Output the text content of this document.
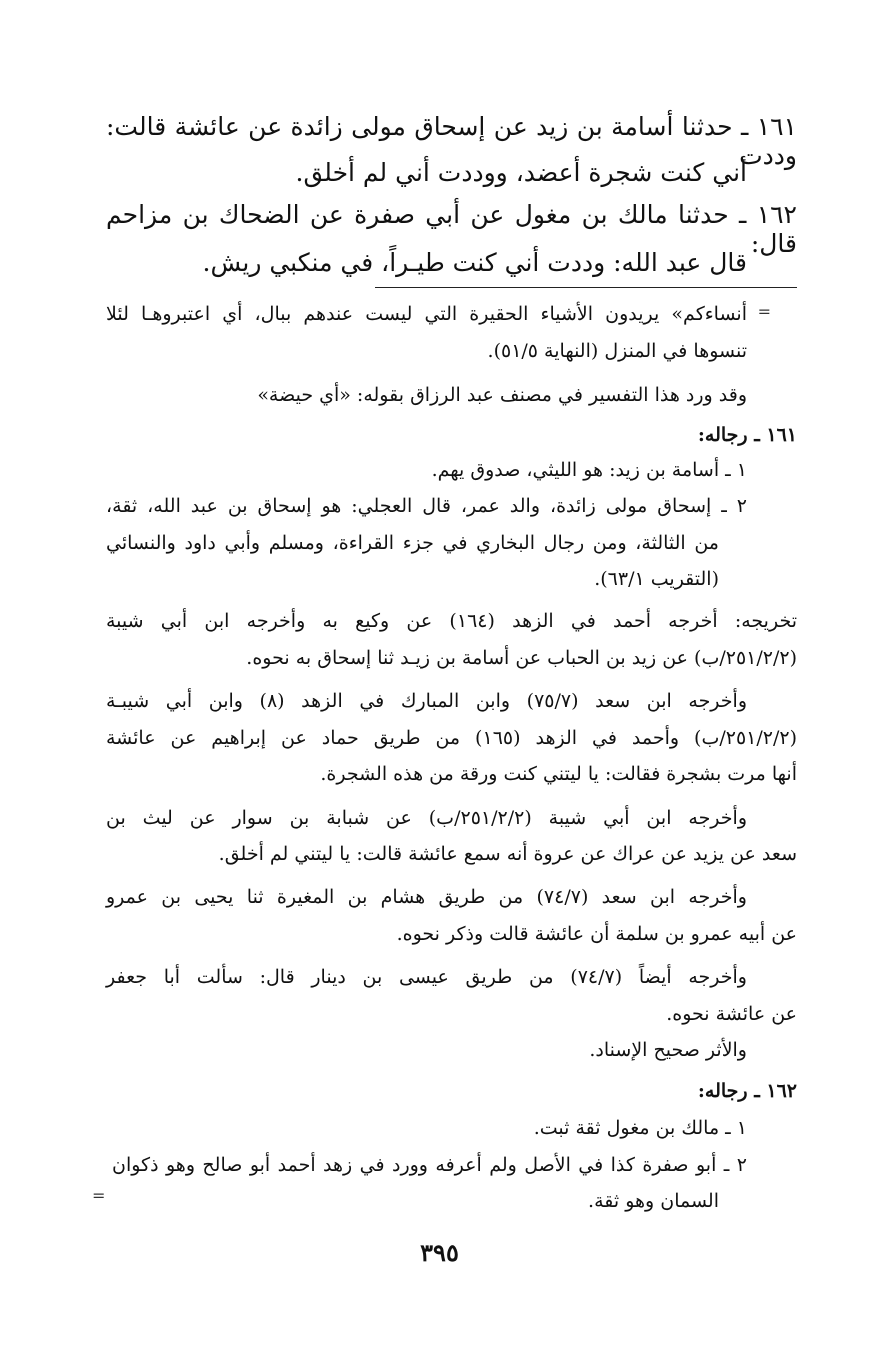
١٦١ ـ حدثنا أسامة بن زيد عن إسحاق مولى زائدة عن عائشة قالت: وددت
أني كنت شجرة أعضد، ووددت أني لم أخلق.
١٦٢ ـ حدثنا مالك بن مغول عن أبي صفرة عن الضحاك بن مزاحم قال:
قال عبد الله: وددت أني كنت طيـراً، في منكبي ريش.
=
أنساءكم» يريدون الأشياء الحقيرة التي ليست عندهم ببال، أي اعتبروهـا لئلا
تنسوها في المنزل (النهاية ٥١/٥).
وقد ورد هذا التفسير في مصنف عبد الرزاق بقوله: «أي حيضة»
١٦١ ـ رجاله:
١ ـ أسامة بن زيد: هو الليثي، صدوق يهم.
٢ ـ إسحاق مولى زائدة، والد عمر، قال العجلي: هو إسحاق بن عبد الله، ثقة،
من الثالثة، ومن رجال البخاري في جزء القراءة، ومسلم وأبي داود والنسائي
(التقريب ٦٣/١).
تخريجه: أخرجه أحمد في الزهد (١٦٤) عن وكيع به وأخرجه ابن أبي شيبة
(٢٥١/٢/٢/ب) عن زيد بن الحباب عن أسامة بن زيـد ثنا إسحاق به نحوه.
وأخرجه ابن سعد (٧٥/٧) وابن المبارك في الزهد (٨) وابن أبي شيبـة
(٢٥١/٢/٢/ب) وأحمد في الزهد (١٦٥) من طريق حماد عن إبراهيم عن عائشة
أنها مرت بشجرة فقالت: يا ليتني كنت ورقة من هذه الشجرة.
وأخرجه ابن أبي شيبة (٢٥١/٢/٢/ب) عن شبابة بن سوار عن ليث بن
سعد عن يزيد عن عراك عن عروة أنه سمع عائشة قالت: يا ليتني لم أخلق.
وأخرجه ابن سعد (٧٤/٧) من طريق هشام بن المغيرة ثنا يحيى بن عمرو
عن أبيه عمرو بن سلمة أن عائشة قالت وذكر نحوه.
وأخرجه أيضاً (٧٤/٧) من طريق عيسى بن دينار قال: سألت أبا جعفر
عن عائشة نحوه.
والأثر صحيح الإسناد.
١٦٢ ـ رجاله:
١ ـ مالك بن مغول ثقة ثبت.
٢ ـ أبو صفرة كذا في الأصل ولم أعرفه وورد في زهد أحمد أبو صالح وهو ذكوان
السمان وهو ثقة.
=
٣٩٥
